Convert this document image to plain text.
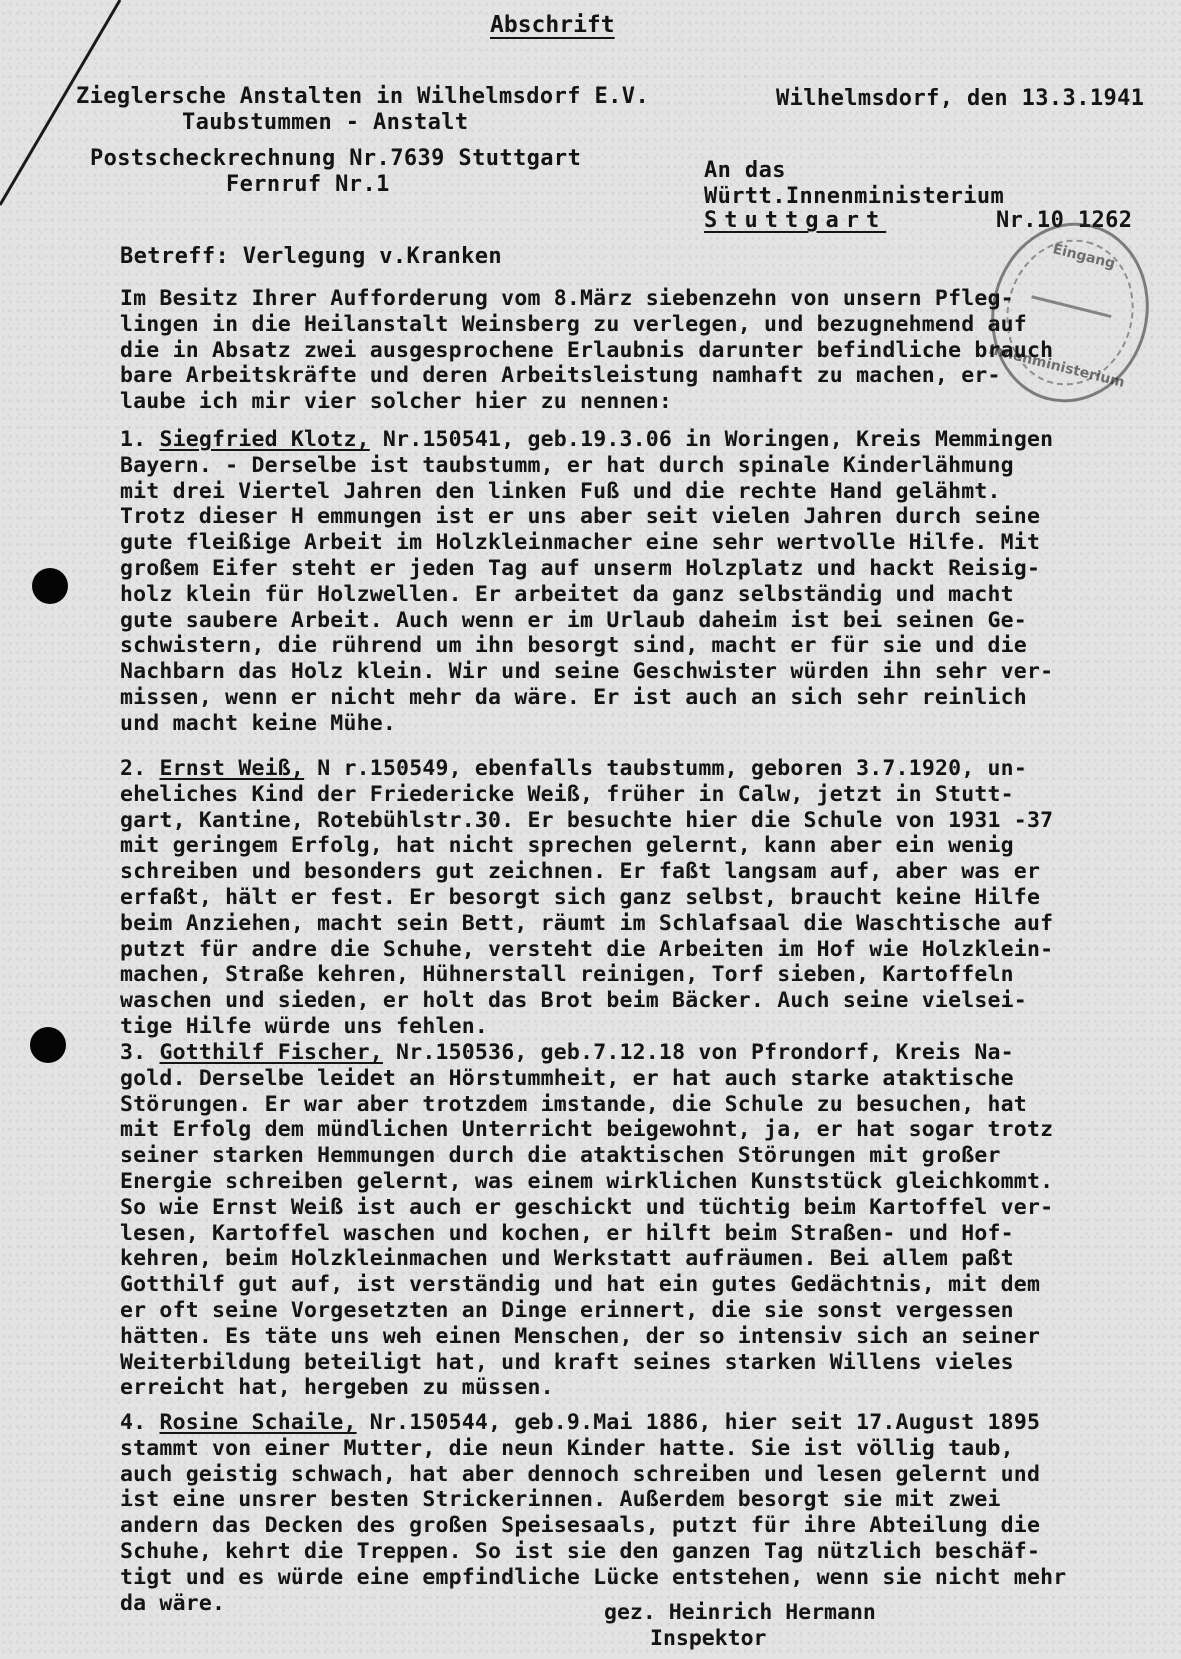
Abschrift
Zieglersche Anstalten in Wilhelmsdorf E.V.
Taubstummen - Anstalt
Postscheckrechnung Nr.7639 Stuttgart
Fernruf Nr.1
Wilhelmsdorf, den 13.3.1941
An das
Württ.Innenministerium
Stuttgart	Nr.10 1262
Eingang
Innenministerium
Betreff: Verlegung v.Kranken
Im Besitz Ihrer Aufforderung vom 8.März siebenzehn von unsern Pfleg-
lingen in die Heilanstalt Weinsberg zu verlegen, und bezugnehmend auf
die in Absatz zwei ausgesprochene Erlaubnis darunter befindliche brauch
bare Arbeitskräfte und deren Arbeitsleistung namhaft zu machen, er-
laube ich mir vier solcher hier zu nennen:
1. Siegfried Klotz, Nr.150541, geb.19.3.06 in Woringen, Kreis Memmingen
Bayern. - Derselbe ist taubstumm, er hat durch spinale Kinderlähmung
mit drei Viertel Jahren den linken Fuß und die rechte Hand gelähmt.
Trotz dieser H emmungen ist er uns aber seit vielen Jahren durch seine
gute fleißige Arbeit im Holzkleinmacher eine sehr wertvolle Hilfe. Mit
großem Eifer steht er jeden Tag auf unserm Holzplatz und hackt Reisig-
holz klein für Holzwellen. Er arbeitet da ganz selbständig und macht
gute saubere Arbeit. Auch wenn er im Urlaub daheim ist bei seinen Ge-
schwistern, die rührend um ihn besorgt sind, macht er für sie und die
Nachbarn das Holz klein. Wir und seine Geschwister würden ihn sehr ver-
missen, wenn er nicht mehr da wäre. Er ist auch an sich sehr reinlich
und macht keine Mühe.
2. Ernst Weiß, N r.150549, ebenfalls taubstumm, geboren 3.7.1920, un-
eheliches Kind der Friedericke Weiß, früher in Calw, jetzt in Stutt-
gart, Kantine, Rotebühlstr.30. Er besuchte hier die Schule von 1931 -37
mit geringem Erfolg, hat nicht sprechen gelernt, kann aber ein wenig
schreiben und besonders gut zeichnen. Er faßt langsam auf, aber was er
erfaßt, hält er fest. Er besorgt sich ganz selbst, braucht keine Hilfe
beim Anziehen, macht sein Bett, räumt im Schlafsaal die Waschtische auf
putzt für andre die Schuhe, versteht die Arbeiten im Hof wie Holzklein-
machen, Straße kehren, Hühnerstall reinigen, Torf sieben, Kartoffeln
waschen und sieden, er holt das Brot beim Bäcker. Auch seine vielsei-
tige Hilfe würde uns fehlen.
3. Gotthilf Fischer, Nr.150536, geb.7.12.18 von Pfrondorf, Kreis Na-
gold. Derselbe leidet an Hörstummheit, er hat auch starke ataktische
Störungen. Er war aber trotzdem imstande, die Schule zu besuchen, hat
mit Erfolg dem mündlichen Unterricht beigewohnt, ja, er hat sogar trotz
seiner starken Hemmungen durch die ataktischen Störungen mit großer
Energie schreiben gelernt, was einem wirklichen Kunststück gleichkommt.
So wie Ernst Weiß ist auch er geschickt und tüchtig beim Kartoffel ver-
lesen, Kartoffel waschen und kochen, er hilft beim Straßen- und Hof-
kehren, beim Holzkleinmachen und Werkstatt aufräumen. Bei allem paßt
Gotthilf gut auf, ist verständig und hat ein gutes Gedächtnis, mit dem
er oft seine Vorgesetzten an Dinge erinnert, die sie sonst vergessen
hätten. Es täte uns weh einen Menschen, der so intensiv sich an seiner
Weiterbildung beteiligt hat, und kraft seines starken Willens vieles
erreicht hat, hergeben zu müssen.
4. Rosine Schaile, Nr.150544, geb.9.Mai 1886, hier seit 17.August 1895
stammt von einer Mutter, die neun Kinder hatte. Sie ist völlig taub,
auch geistig schwach, hat aber dennoch schreiben und lesen gelernt und
ist eine unsrer besten Strickerinnen. Außerdem besorgt sie mit zwei
andern das Decken des großen Speisesaals, putzt für ihre Abteilung die
Schuhe, kehrt die Treppen. So ist sie den ganzen Tag nützlich beschäf-
tigt und es würde eine empfindliche Lücke entstehen, wenn sie nicht mehr
da wäre.	gez. Heinrich Hermann
Inspektor
